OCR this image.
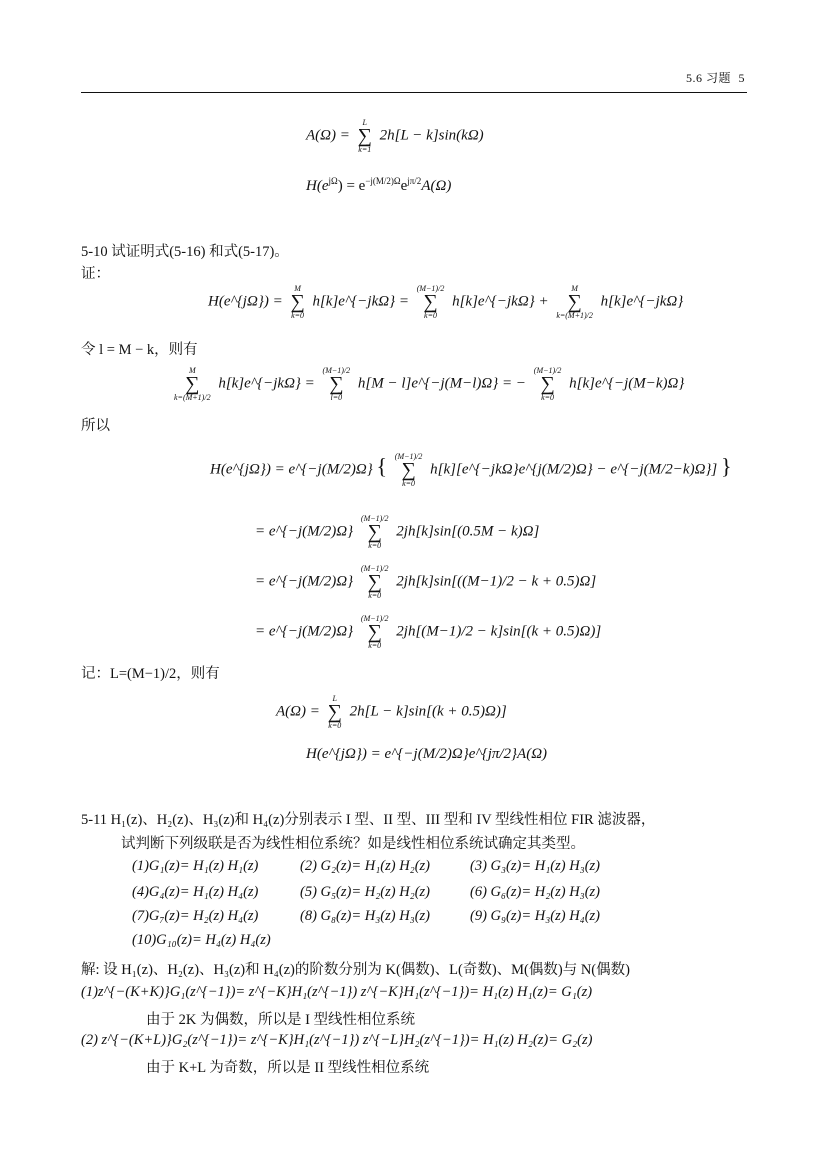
5.6 习题 5
A(Ω) =
L
∑
k=1
2h[L − k]sin(kΩ)
$H(e^{j\Omega}) = e^{-j(M/2)\Omega}e^{j\pi/2}A(\Omega)$
5-10 试证明式(5-16) 和式(5-17)。
证：
H(e^{jΩ}) =
M
∑
k=0
h[k]e^{−jkΩ} =
(M−1)/2
∑
k=0
h[k]e^{−jkΩ} +
M
∑
k=(M+1)/2
h[k]e^{−jkΩ}
令 l = M − k，则有
M
∑
k=(M+1)/2
h[k]e^{−jkΩ} =
(M−1)/2
∑
l=0
h[M − l]e^{−j(M−l)Ω} = −
(M−1)/2
∑
k=0
h[k]e^{−j(M−k)Ω}
所以
H(e^{jΩ}) = e^{−j(M/2)Ω} { (M−1)/2
∑
k=0
h[k][e^{−jkΩ}e^{j(M/2)Ω} − e^{−j(M/2−k)Ω}] }
= e^{−j(M/2)Ω}
(M−1)/2
∑
k=0
2jh[k]sin[(0.5M − k)Ω]
= e^{−j(M/2)Ω}
(M−1)/2
∑
k=0
2jh[k]sin[((M−1)/2 − k + 0.5)Ω]
= e^{−j(M/2)Ω}
(M−1)/2
∑
k=0
2jh[(M−1)/2 − k]sin[(k + 0.5)Ω)]
记：L=(M−1)/2，则有
A(Ω) =
L
∑
k=0
2h[L − k]sin[(k + 0.5)Ω)]
H(e^{jΩ}) = e^{−j(M/2)Ω}e^{jπ/2}A(Ω)
5-11 H₁(z)、H₂(z)、H₃(z)和 H₄(z)分别表示 I 型、II 型、III 型和 IV 型线性相位 FIR 滤波器，
试判断下列级联是否为线性相位系统？如是线性相位系统试确定其类型。
(1)G₁(z)= H₁(z) H₁(z)	(2) G₂(z)= H₁(z) H₂(z)	(3) G₃(z)= H₁(z) H₃(z)
(4)G₄(z)= H₁(z) H₄(z)	(5) G₅(z)= H₂(z) H₂(z)	(6) G₆(z)= H₂(z) H₃(z)
(7)G₇(z)= H₂(z) H₄(z)	(8) G₈(z)= H₃(z) H₃(z)	(9) G₉(z)= H₃(z) H₄(z)
(10)G₁₀(z)= H₄(z) H₄(z)
解: 设 H₁(z)、H₂(z)、H₃(z)和 H₄(z)的阶数分别为 K(偶数)、L(奇数)、M(偶数)与 N(偶数)
(1)z^{−(K+K)}G₁(z^{−1})= z^{−K}H₁(z^{−1}) z^{−K}H₁(z^{−1})= H₁(z) H₁(z)= G₁(z)
由于 2K 为偶数，所以是 I 型线性相位系统
(2) z^{−(K+L)}G₂(z^{−1})= z^{−K}H₁(z^{−1}) z^{−L}H₂(z^{−1})= H₁(z) H₂(z)= G₂(z)
由于 K+L 为奇数，所以是 II 型线性相位系统
